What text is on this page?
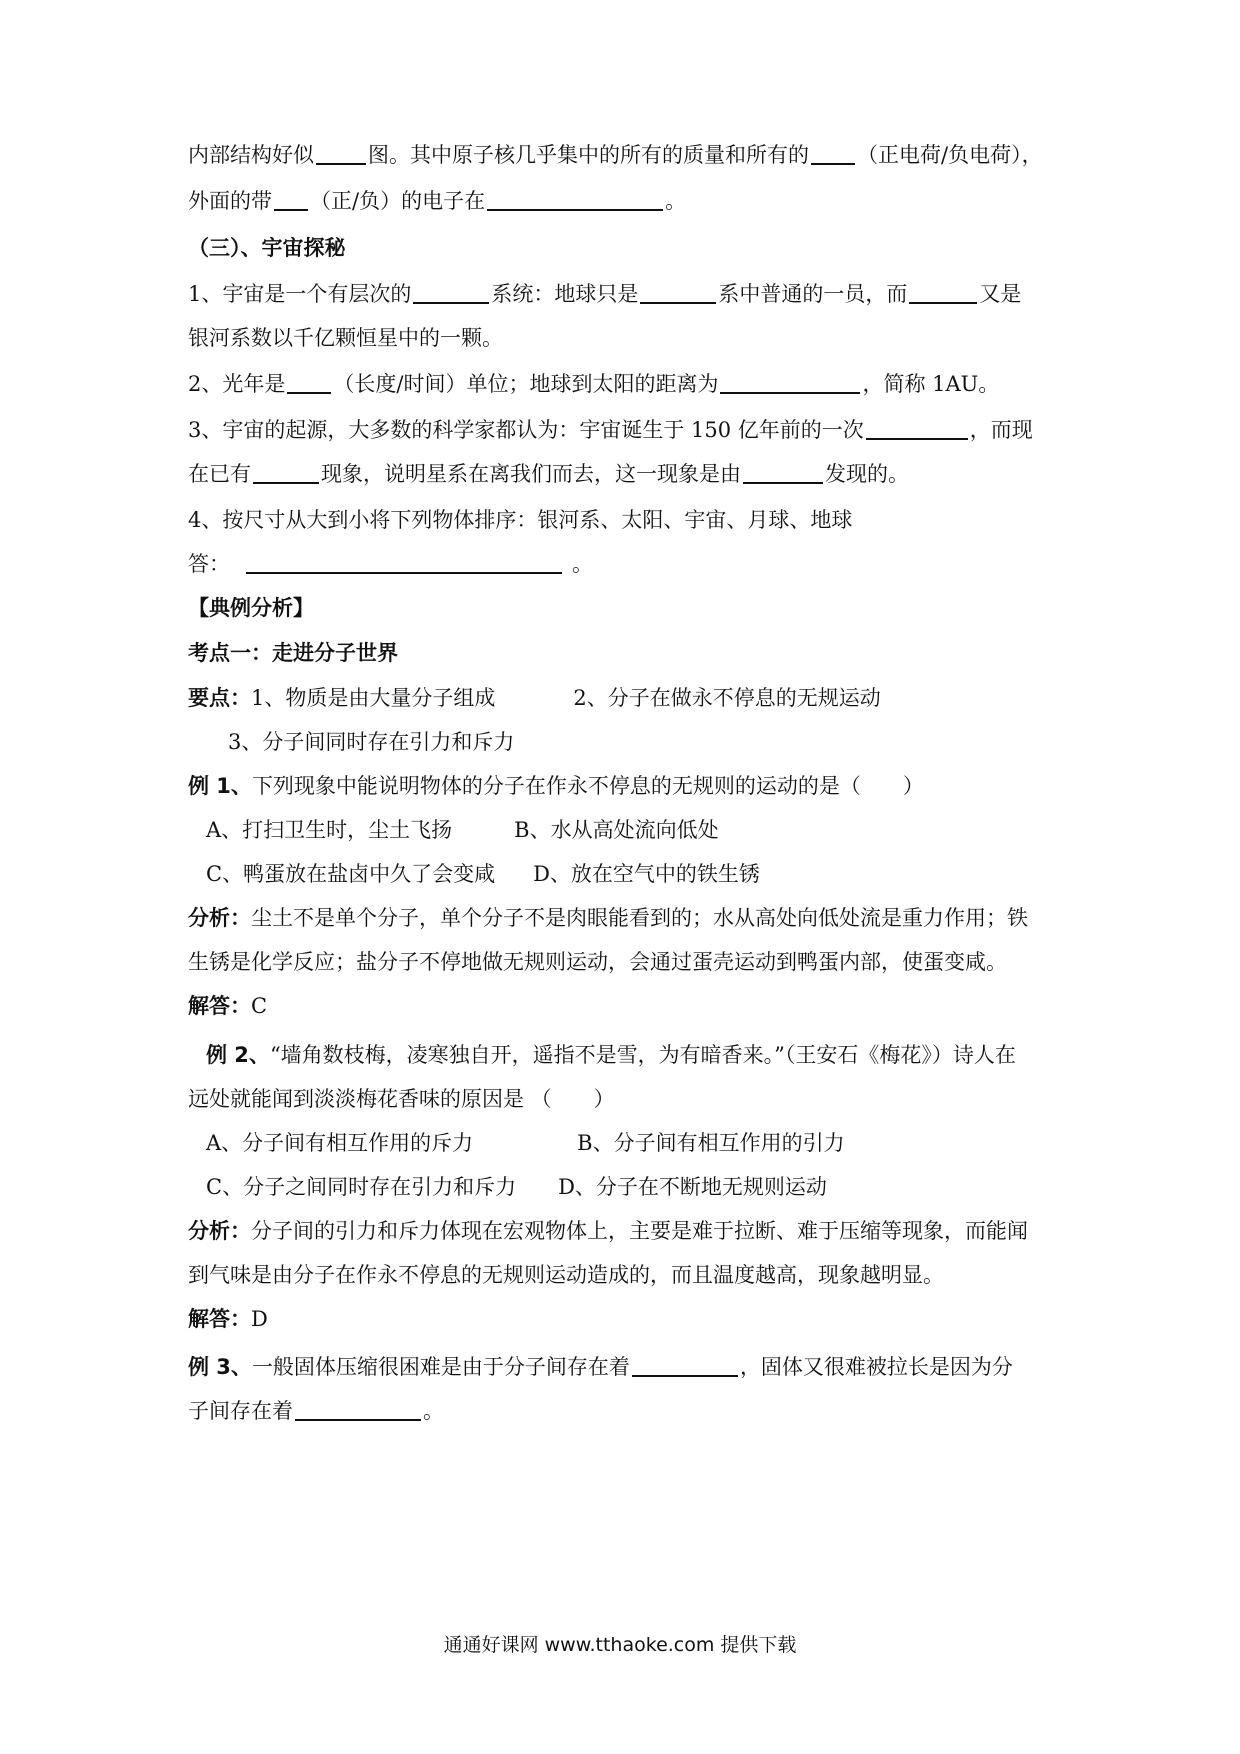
内部结构好似	图。其中原子核几乎集中的所有的质量和所有的 （正电荷/负电荷），
外面的带 （正/负）的电子在	。
（三）、宇宙探秘
1、宇宙是一个有层次的	系统：地球只是	系中普通的一员，而	又是
银河系数以千亿颗恒星中的一颗。
2、光年是 （长度/时间）单位；地球到太阳的距离为	，简称 1AU。
3、宇宙的起源，大多数的科学家都认为：宇宙诞生于 150 亿年前的一次	，而现
在已有	现象，说明星系在离我们而去，这一现象是由	发现的。
4、按尺寸从大到小将下列物体排序：银河系、太阳、宇宙、月球、地球
答：	。
【典例分析】
考点一：走进分子世界
要点：1、物质是由大量分子组成	2、分子在做永不停息的无规运动
3、分子间同时存在引力和斥力
例 1、下列现象中能说明物体的分子在作永不停息的无规则的运动的是（　　）
A、打扫卫生时，尘土飞扬	B、水从高处流向低处
C、鸭蛋放在盐卤中久了会变咸 D、放在空气中的铁生锈
分析：尘土不是单个分子，单个分子不是肉眼能看到的；水从高处向低处流是重力作用；铁
生锈是化学反应；盐分子不停地做无规则运动，会通过蛋壳运动到鸭蛋内部，使蛋变咸。
解答：C
例 2、“墙角数枝梅，凌寒独自开，遥指不是雪，为有暗香来。”（王安石《梅花》）诗人在
远处就能闻到淡淡梅花香味的原因是 （　　）
A、分子间有相互作用的斥力	B、分子间有相互作用的引力
C、分子之间同时存在引力和斥力 D、分子在不断地无规则运动
分析：分子间的引力和斥力体现在宏观物体上，主要是难于拉断、难于压缩等现象，而能闻
到气味是由分子在作永不停息的无规则运动造成的，而且温度越高，现象越明显。
解答：D
例 3、一般固体压缩很困难是由于分子间存在着	，固体又很难被拉长是因为分
子间存在着	。
通通好课网 www.tthaoke.com 提供下载
